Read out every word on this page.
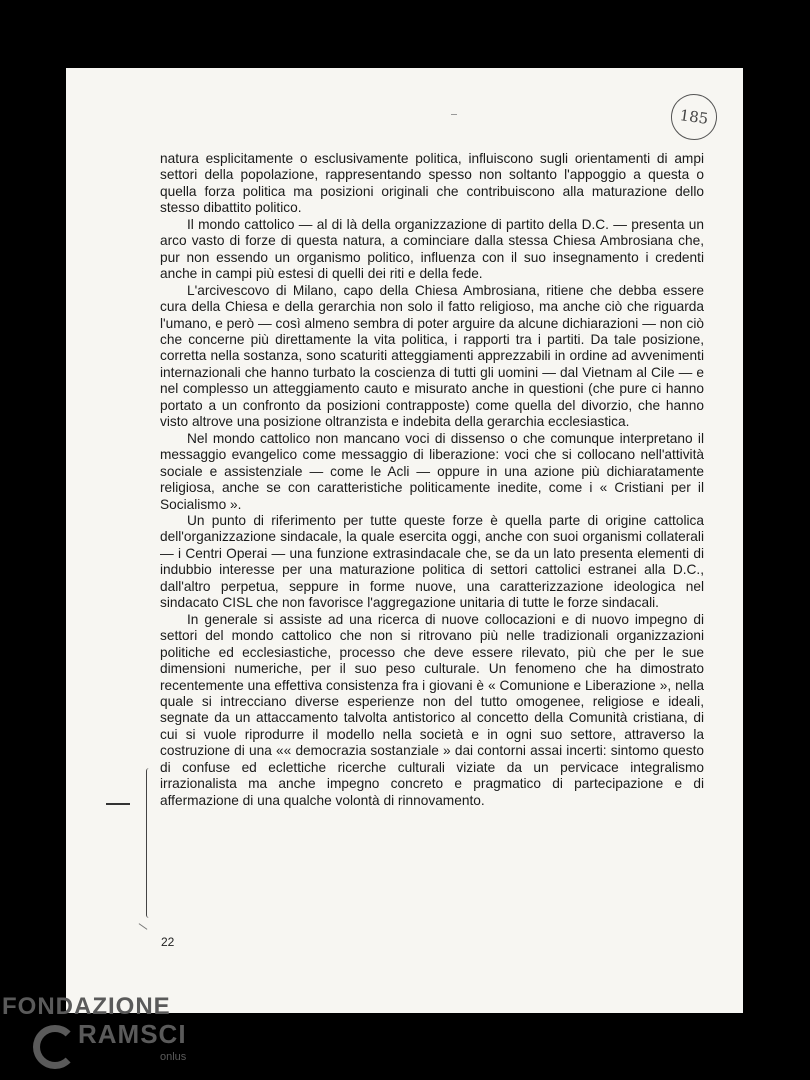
185

natura esplicitamente o esclusivamente politica, influiscono sugli orientamenti di ampi settori della popolazione, rappresentando spesso non soltanto l'appoggio a questa o quella forza politica ma posizioni originali che contribuiscono alla maturazione dello stesso dibattito politico.

Il mondo cattolico — al di là della organizzazione di partito della D.C. — presenta un arco vasto di forze di questa natura, a cominciare dalla stessa Chiesa Ambrosiana che, pur non essendo un organismo politico, influenza con il suo insegnamento i credenti anche in campi più estesi di quelli dei riti e della fede.

L'arcivescovo di Milano, capo della Chiesa Ambrosiana, ritiene che debba essere cura della Chiesa e della gerarchia non solo il fatto religioso, ma anche ciò che riguarda l'umano, e però — così almeno sembra di poter arguire da alcune dichiarazioni — non ciò che concerne più direttamente la vita politica, i rapporti tra i partiti. Da tale posizione, corretta nella sostanza, sono scaturiti atteggiamenti apprezzabili in ordine ad avvenimenti internazionali che hanno turbato la coscienza di tutti gli uomini — dal Vietnam al Cile — e nel complesso un atteggiamento cauto e misurato anche in questioni (che pure ci hanno portato a un confronto da posizioni contrapposte) come quella del divorzio, che hanno visto altrove una posizione oltranzista e indebita della gerarchia ecclesiastica.

Nel mondo cattolico non mancano voci di dissenso o che comunque interpretano il messaggio evangelico come messaggio di liberazione: voci che si collocano nell'attività sociale e assistenziale — come le Acli — oppure in una azione più dichiaratamente religiosa, anche se con caratteristiche politicamente inedite, come i « Cristiani per il Socialismo ».

Un punto di riferimento per tutte queste forze è quella parte di origine cattolica dell'organizzazione sindacale, la quale esercita oggi, anche con suoi organismi collaterali — i Centri Operai — una funzione extrasindacale che, se da un lato presenta elementi di indubbio interesse per una maturazione politica di settori cattolici estranei alla D.C., dall'altro perpetua, seppure in forme nuove, una caratterizzazione ideologica nel sindacato CISL che non favorisce l'aggregazione unitaria di tutte le forze sindacali.

In generale si assiste ad una ricerca di nuove collocazioni e di nuovo impegno di settori del mondo cattolico che non si ritrovano più nelle tradizionali organizzazioni politiche ed ecclesiastiche, processo che deve essere rilevato, più che per le sue dimensioni numeriche, per il suo peso culturale. Un fenomeno che ha dimostrato recentemente una effettiva consistenza fra i giovani è « Comunione e Liberazione », nella quale si intrecciano diverse esperienze non del tutto omogenee, religiose e ideali, segnate da un attaccamento talvolta antistorico al concetto della Comunità cristiana, di cui si vuole riprodurre il modello nella società e in ogni suo settore, attraverso la costruzione di una «« democrazia sostanziale » dai contorni assai incerti: sintomo questo di confuse ed eclettiche ricerche culturali viziate da un pervicace integralismo irrazionalista ma anche impegno concreto e pragmatico di partecipazione e di affermazione di una qualche volontà di rinnovamento.

22
FONDAZIONE
RAMSCI
onlus
